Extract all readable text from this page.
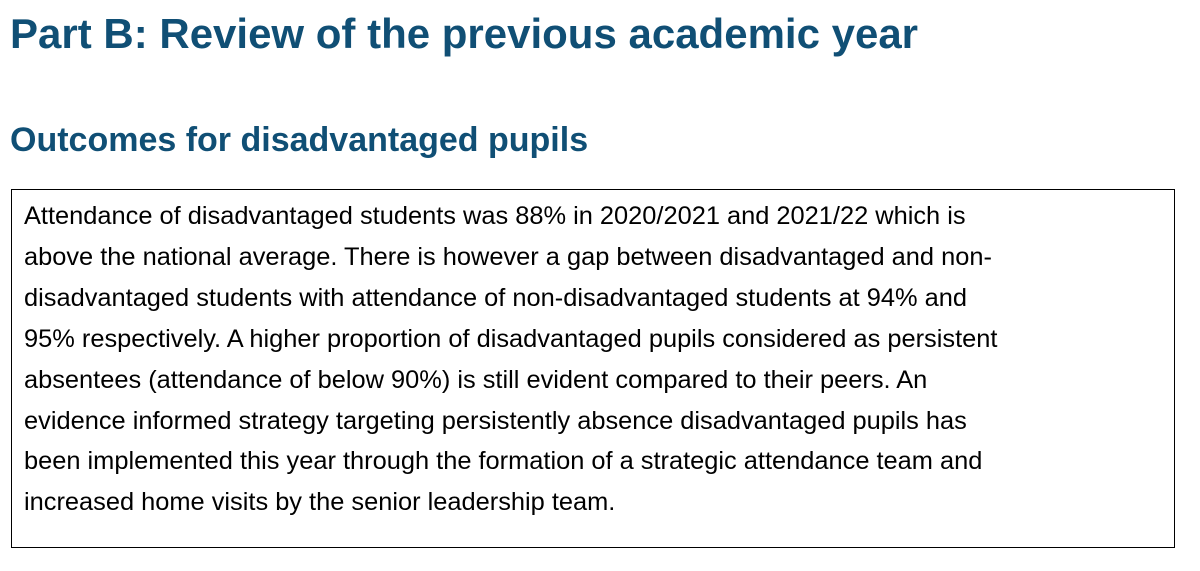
Part B: Review of the previous academic year
Outcomes for disadvantaged pupils

Attendance of disadvantaged students was 88% in 2020/2021 and 2021/22 which is
above the national average. There is however a gap between disadvantaged and non-
disadvantaged students with attendance of non-disadvantaged students at 94% and
95% respectively. A higher proportion of disadvantaged pupils considered as persistent
absentees (attendance of below 90%) is still evident compared to their peers. An
evidence informed strategy targeting persistently absence disadvantaged pupils has
been implemented this year through the formation of a strategic attendance team and
increased home visits by the senior leadership team.
